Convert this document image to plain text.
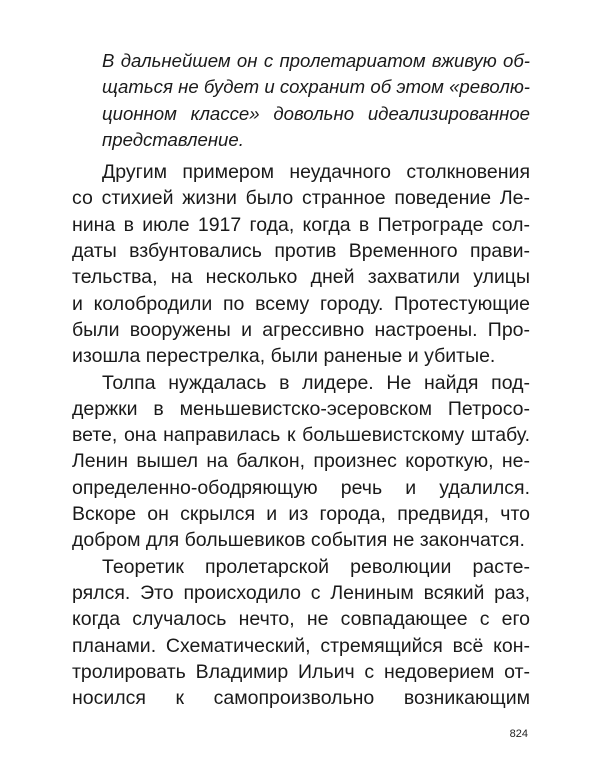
В дальнейшем он с пролетариатом вживую об-
щаться не будет и сохранит об этом «револю-
ционном классе» довольно идеализированное
представление.
Другим примером неудачного столкновения
со стихией жизни было странное поведение Ле-
нина в июле 1917 года, когда в Петрограде сол-
даты взбунтовались против Временного прави-
тельства, на несколько дней захватили улицы
и колобродили по всему городу. Протестующие
были вооружены и агрессивно настроены. Про-
изошла перестрелка, были раненые и убитые.
Толпа нуждалась в лидере. Не найдя под-
держки в меньшевистско-эсеровском Петросо-
вете, она направилась к большевистскому штабу.
Ленин вышел на балкон, произнес короткую, не-
определенно-ободряющую речь и удалился.
Вскоре он скрылся и из города, предвидя, что
добром для большевиков события не закончатся.
Теоретик пролетарской революции расте-
рялся. Это происходило с Лениным всякий раз,
когда случалось нечто, не совпадающее с его
планами. Схематический, стремящийся всё кон-
тролировать Владимир Ильич с недоверием от-
носился к самопроизвольно возникающим
824
